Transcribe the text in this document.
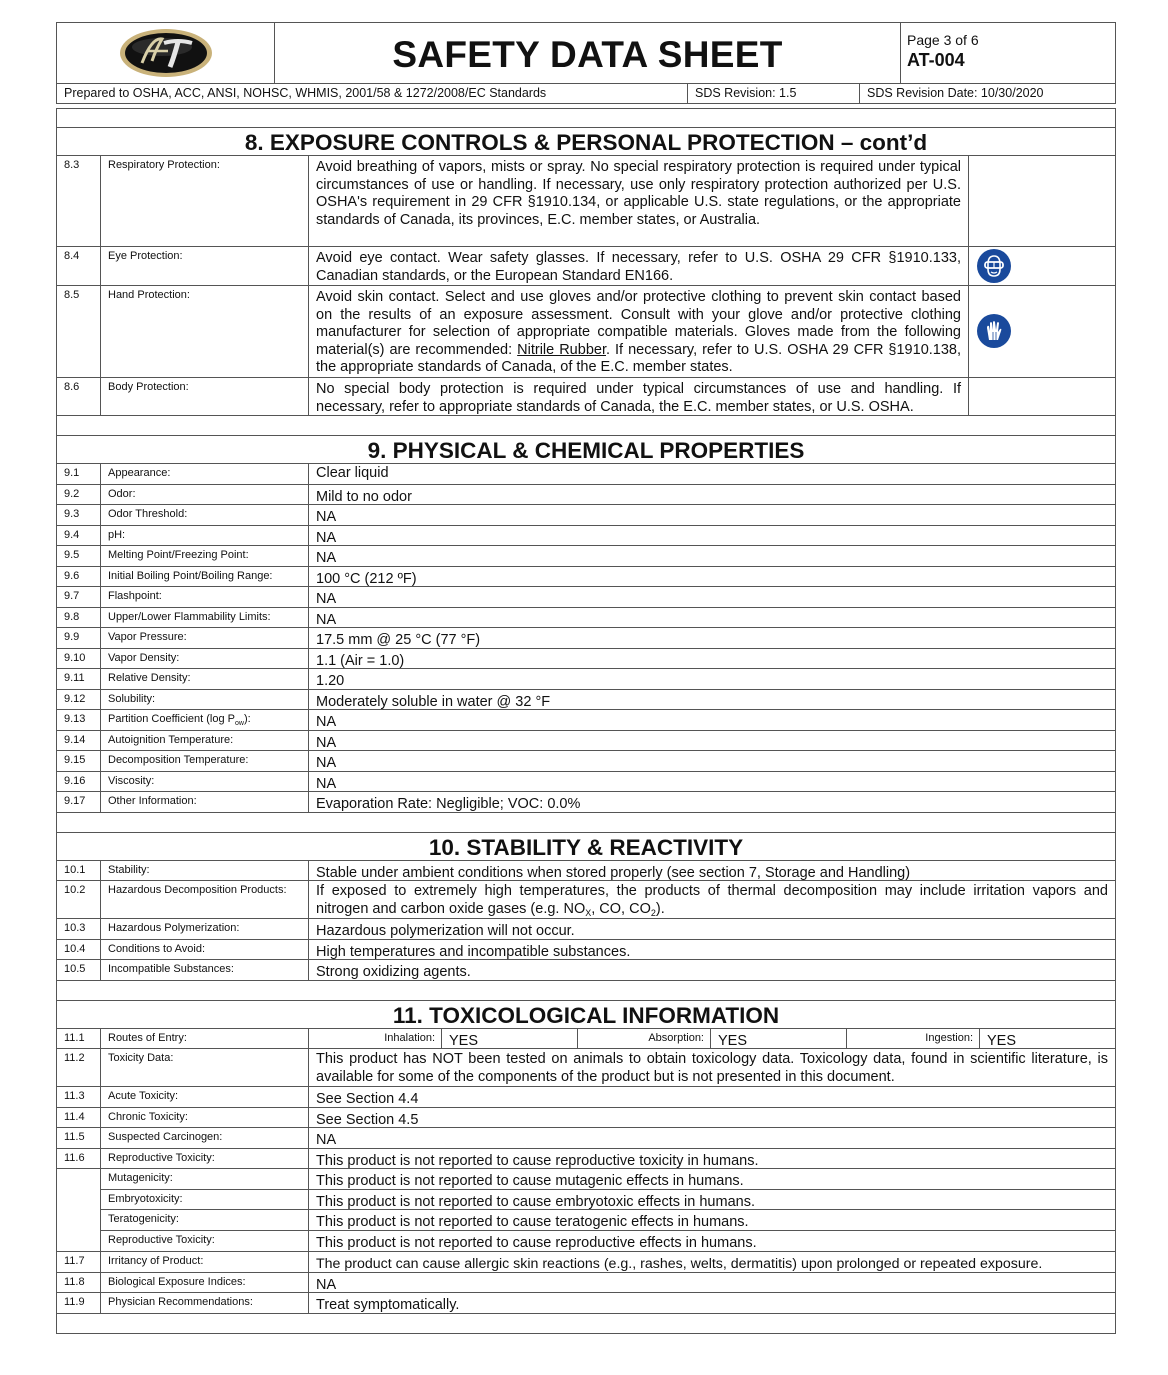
SAFETY DATA SHEET	Page 3 of 6
AT-004
Prepared to OSHA, ACC, ANSI, NOHSC, WHMIS, 2001/58 & 1272/2008/EC Standards	SDS Revision: 1.5	SDS Revision Date: 10/30/2020
8. EXPOSURE CONTROLS & PERSONAL PROTECTION – cont’d
8.3	Respiratory Protection:	Avoid breathing of vapors, mists or spray. No special respiratory protection is required under typical circumstances of use or handling. If necessary, use only respiratory protection authorized per U.S. OSHA's requirement in 29 CFR §1910.134, or applicable U.S. state regulations, or the appropriate standards of Canada, its provinces, E.C. member states, or Australia.
8.4	Eye Protection:	Avoid eye contact. Wear safety glasses. If necessary, refer to U.S. OSHA 29 CFR §1910.133, Canadian standards, or the European Standard EN166.
8.5	Hand Protection:	Avoid skin contact. Select and use gloves and/or protective clothing to prevent skin contact based on the results of an exposure assessment. Consult with your glove and/or protective clothing manufacturer for selection of appropriate compatible materials. Gloves made from the following material(s) are recommended: Nitrile Rubber. If necessary, refer to U.S. OSHA 29 CFR §1910.138, the appropriate standards of Canada, of the E.C. member states.
8.6	Body Protection:	No special body protection is required under typical circumstances of use and handling. If necessary, refer to appropriate standards of Canada, the E.C. member states, or U.S. OSHA.
9. PHYSICAL & CHEMICAL PROPERTIES
9.1	Appearance:	Clear liquid
9.2	Odor:	Mild to no odor
9.3	Odor Threshold:	NA
9.4	pH:	NA
9.5	Melting Point/Freezing Point:	NA
9.6	Initial Boiling Point/Boiling Range:	100 °C (212 ºF)
9.7	Flashpoint:	NA
9.8	Upper/Lower Flammability Limits:	NA
9.9	Vapor Pressure:	17.5 mm @ 25 °C (77 °F)
9.10	Vapor Density:	1.1 (Air = 1.0)
9.11	Relative Density:	1.20
9.12	Solubility:	Moderately soluble in water @ 32 °F
9.13	Partition Coefficient (log $P_{ow}$):	NA
9.14	Autoignition Temperature:	NA
9.15	Decomposition Temperature:	NA
9.16	Viscosity:	NA
9.17	Other Information:	Evaporation Rate: Negligible; VOC: 0.0%
10. STABILITY & REACTIVITY
10.1	Stability:	Stable under ambient conditions when stored properly (see section 7, Storage and Handling)
10.2	Hazardous Decomposition Products:	If exposed to extremely high temperatures, the products of thermal decomposition may include irritation vapors and nitrogen and carbon oxide gases (e.g. $NO_X$, CO, $CO_2$).
10.3	Hazardous Polymerization:	Hazardous polymerization will not occur.
10.4	Conditions to Avoid:	High temperatures and incompatible substances.
10.5	Incompatible Substances:	Strong oxidizing agents.
11. TOXICOLOGICAL INFORMATION
11.1	Routes of Entry:	Inhalation: YES	Absorption: YES	Ingestion: YES
11.2	Toxicity Data:	This product has NOT been tested on animals to obtain toxicology data. Toxicology data, found in scientific literature, is available for some of the components of the product but is not presented in this document.
11.3	Acute Toxicity:	See Section 4.4
11.4	Chronic Toxicity:	See Section 4.5
11.5	Suspected Carcinogen:	NA
11.6	Reproductive Toxicity:	This product is not reported to cause reproductive toxicity in humans.
Mutagenicity:	This product is not reported to cause mutagenic effects in humans.
Embryotoxicity:	This product is not reported to cause embryotoxic effects in humans.
Teratogenicity:	This product is not reported to cause teratogenic effects in humans.
Reproductive Toxicity:	This product is not reported to cause reproductive effects in humans.
11.7	Irritancy of Product:	The product can cause allergic skin reactions (e.g., rashes, welts, dermatitis) upon prolonged or repeated exposure.
11.8	Biological Exposure Indices:	NA
11.9	Physician Recommendations:	Treat symptomatically.
